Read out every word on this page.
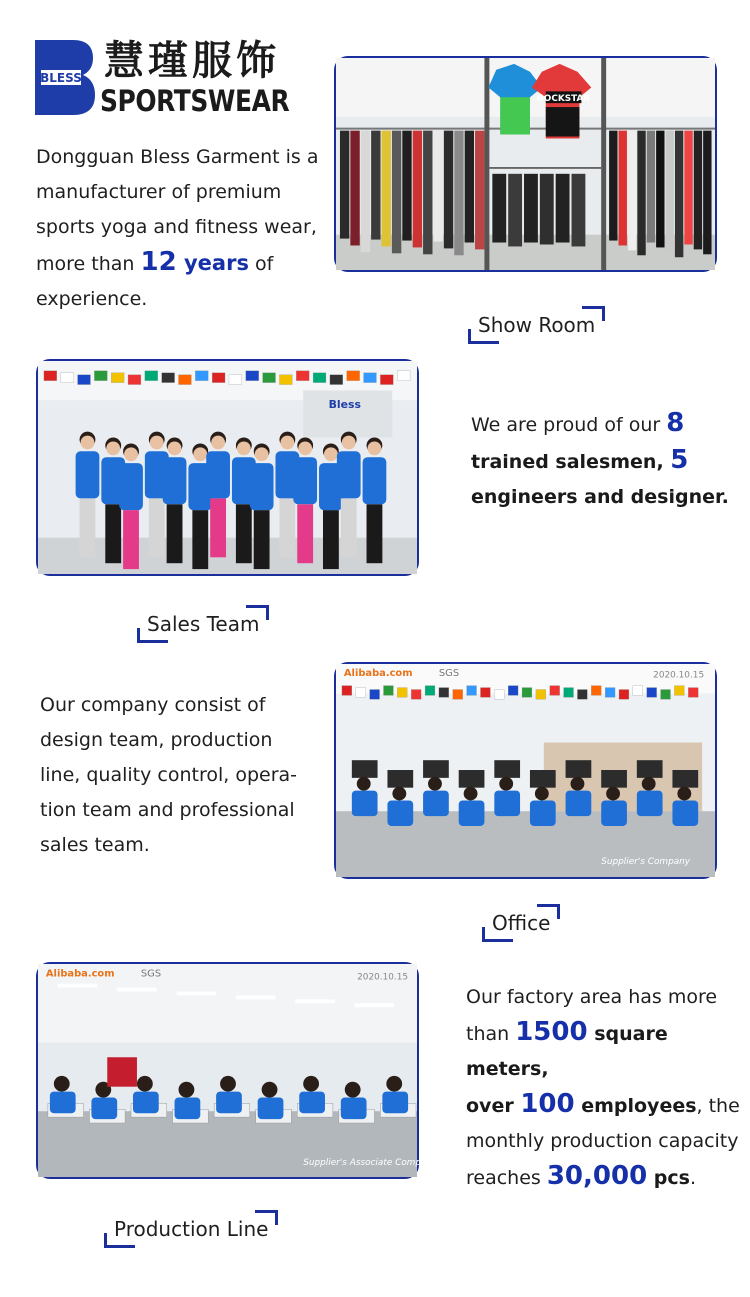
BLESS 慧瑾服饰
SPORTSWEAR
Dongguan Bless Garment is a
manufacturer of premium
sports yoga and fitness wear,
more than 12 years of
experience.
ROCKSTAR
Show Room
Bless
Sales Team
We are proud of our 8
trained salesmen, 5
engineers and designer.
Our company consist of
design team, production
line, quality control, opera-
tion team and professional
sales team.
Alibaba.com	SGS	2020.10.15
Supplier's Company
Office
Alibaba.com	SGS	2020.10.15
Supplier's Associate Company
Production Line
Our factory area has more
than 1500 square meters,
over 100 employees, the
monthly production capacity
reaches 30,000 pcs.
